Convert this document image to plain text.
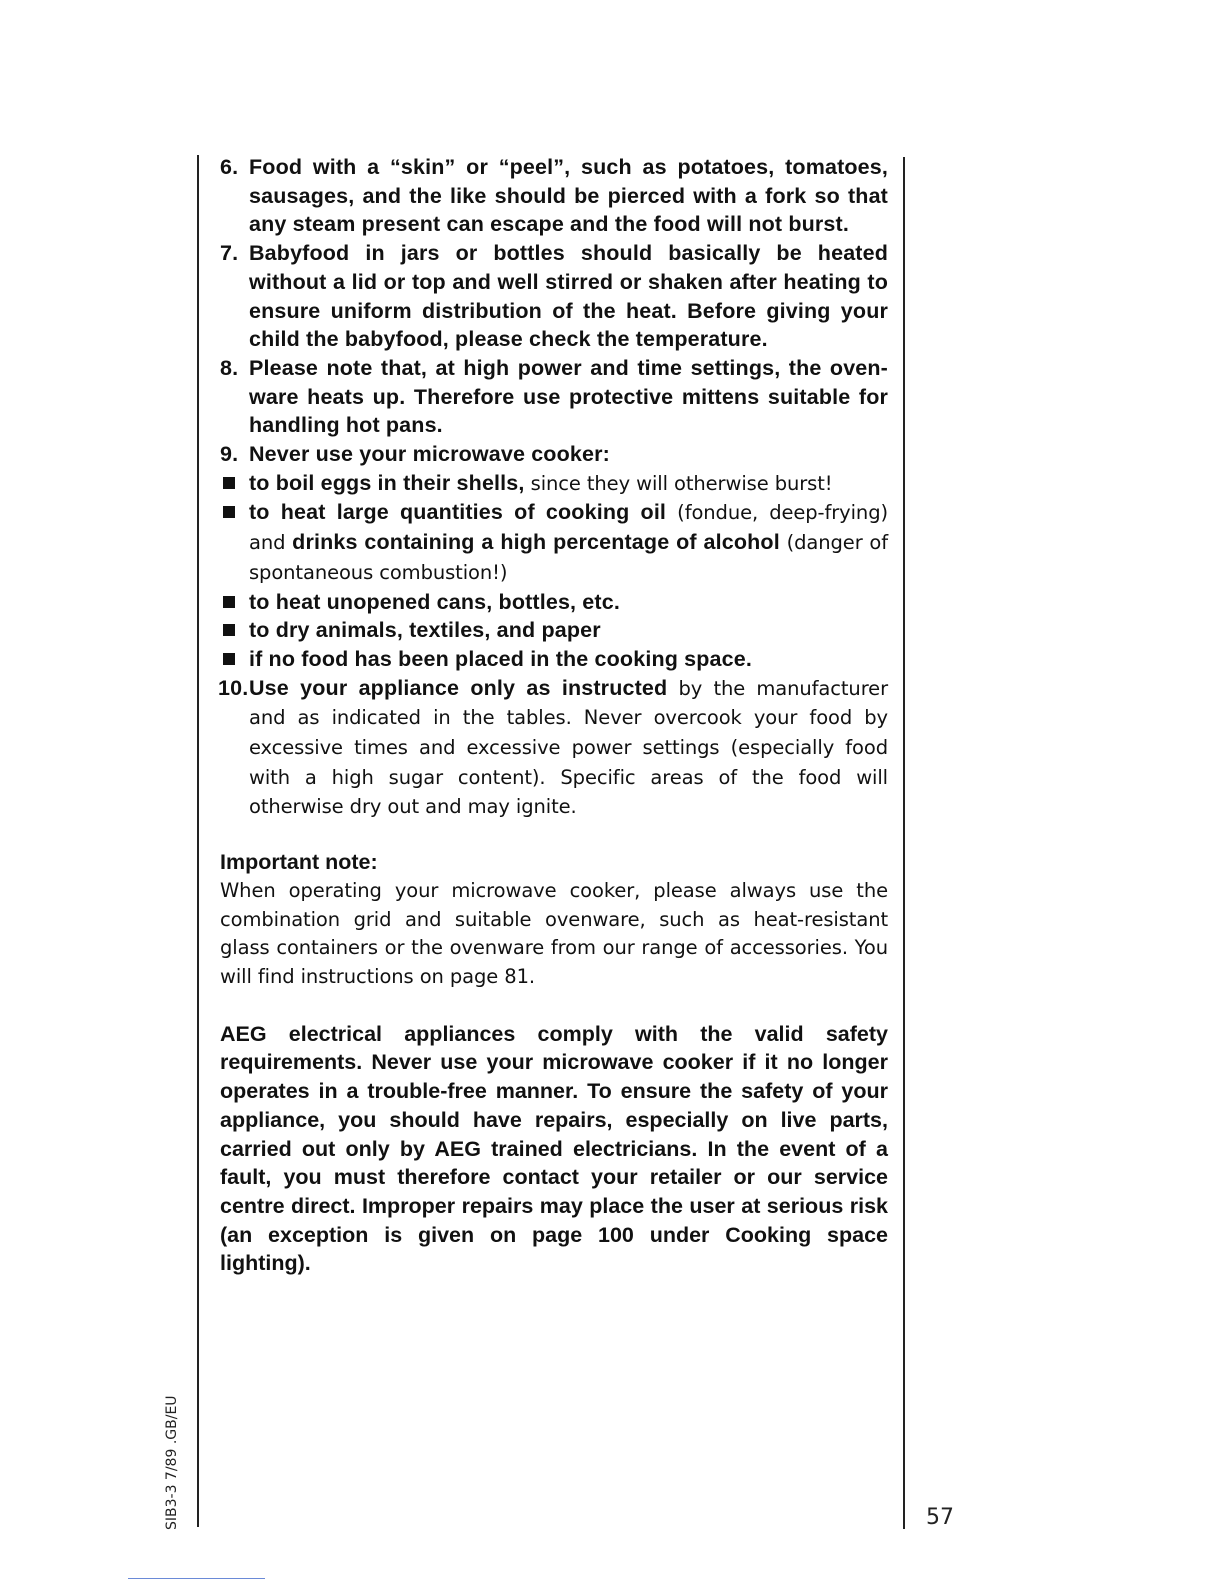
6. Food with a “skin” or “peel”, such as potatoes, tomatoes, sausages, and the like should be pierced with a fork so that any steam present can escape and the food will not burst.
7. Babyfood in jars or bottles should basically be heated without a lid or top and well stirred or shaken after heating to ensure uniform distribution of the heat. Before giving your child the babyfood, please check the temperature.
8. Please note that, at high power and time settings, the oven-ware heats up. Therefore use protective mittens suitable for handling hot pans.
9. Never use your microwave cooker:
to boil eggs in their shells, since they will otherwise burst!
to heat large quantities of cooking oil (fondue, deep-frying) and drinks containing a high percentage of alcohol (danger of spontaneous combustion!)
to heat unopened cans, bottles, etc.
to dry animals, textiles, and paper
if no food has been placed in the cooking space.
10. Use your appliance only as instructed by the manufacturer and as indicated in the tables. Never overcook your food by excessive times and excessive power settings (especially food with a high sugar content). Specific areas of the food will otherwise dry out and may ignite.
Important note:
When operating your microwave cooker, please always use the combination grid and suitable ovenware, such as heat-resistant glass containers or the ovenware from our range of accessories. You will find instructions on page 81.
AEG electrical appliances comply with the valid safety requirements. Never use your microwave cooker if it no longer operates in a trouble-free manner. To ensure the safety of your appliance, you should have repairs, especially on live parts, carried out only by AEG trained electricians. In the event of a fault, you must therefore contact your retailer or our service centre direct. Improper repairs may place the user at serious risk (an exception is given on page 100 under Cooking space lighting).
SIB3-3 7/89 .GB/EU	57
